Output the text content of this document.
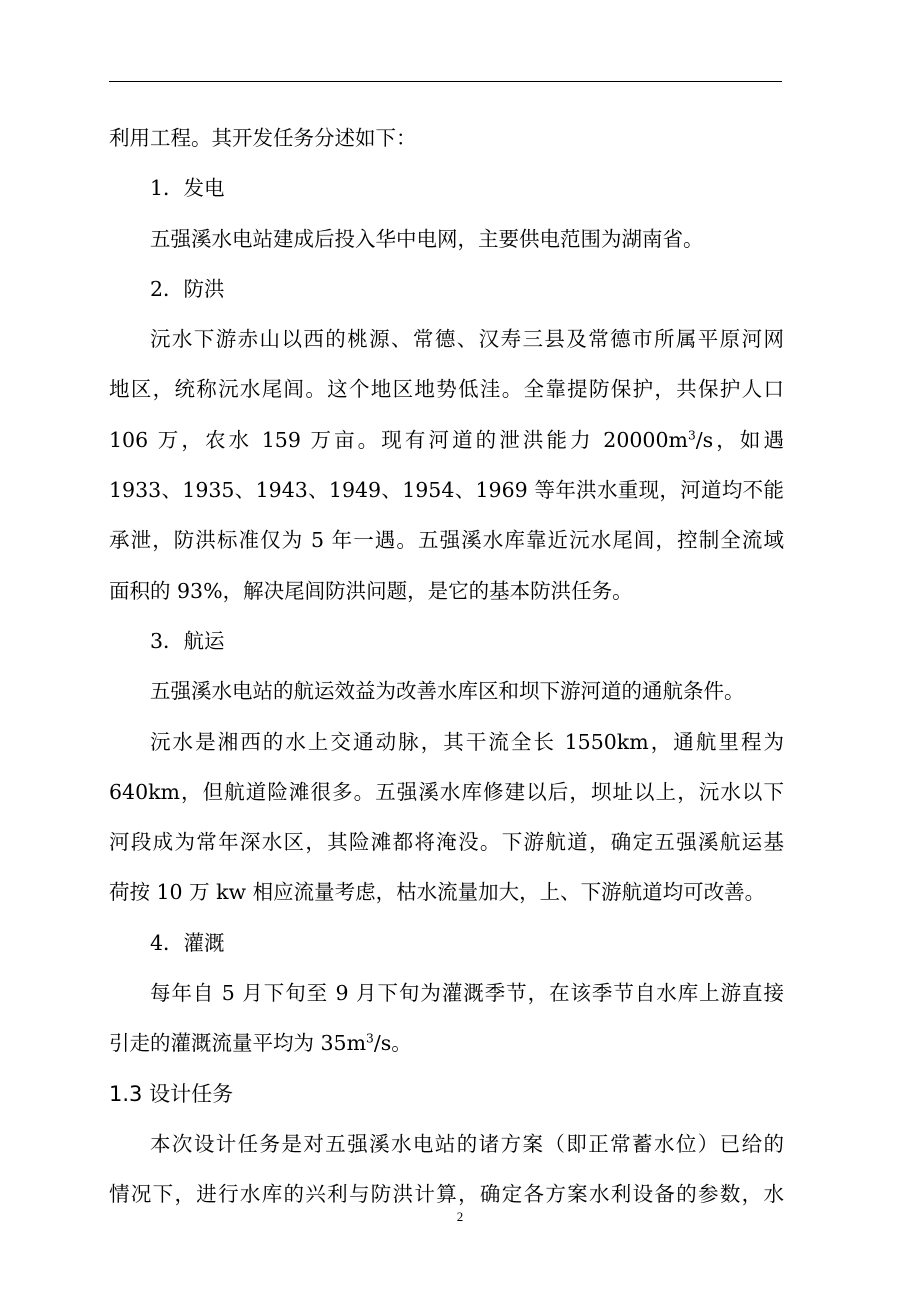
利用工程。其开发任务分述如下：
1．发电
五强溪水电站建成后投入华中电网，主要供电范围为湖南省。
2．防洪
沅水下游赤山以西的桃源、常德、汉寿三县及常德市所属平原河网
地区，统称沅水尾闾。这个地区地势低洼。全靠提防保护，共保护人口
106 万，农水 159 万亩。现有河道的泄洪能力 $20000m^3/s$，如遇
1933、1935、1943、1949、1954、1969 等年洪水重现，河道均不能
承泄，防洪标准仅为 5 年一遇。五强溪水库靠近沅水尾闾，控制全流域
面积的 93%，解决尾闾防洪问题，是它的基本防洪任务。
3．航运
五强溪水电站的航运效益为改善水库区和坝下游河道的通航条件。
沅水是湘西的水上交通动脉，其干流全长 1550km，通航里程为
640km，但航道险滩很多。五强溪水库修建以后，坝址以上，沅水以下
河段成为常年深水区，其险滩都将淹没。下游航道，确定五强溪航运基
荷按 10 万 kw 相应流量考虑，枯水流量加大，上、下游航道均可改善。
4．灌溉
每年自 5 月下旬至 9 月下旬为灌溉季节，在该季节自水库上游直接
引走的灌溉流量平均为 $35m^3/s$。
1.3 设计任务
本次设计任务是对五强溪水电站的诸方案（即正常蓄水位）已给的
情况下，进行水库的兴利与防洪计算，确定各方案水利设备的参数，水
2
